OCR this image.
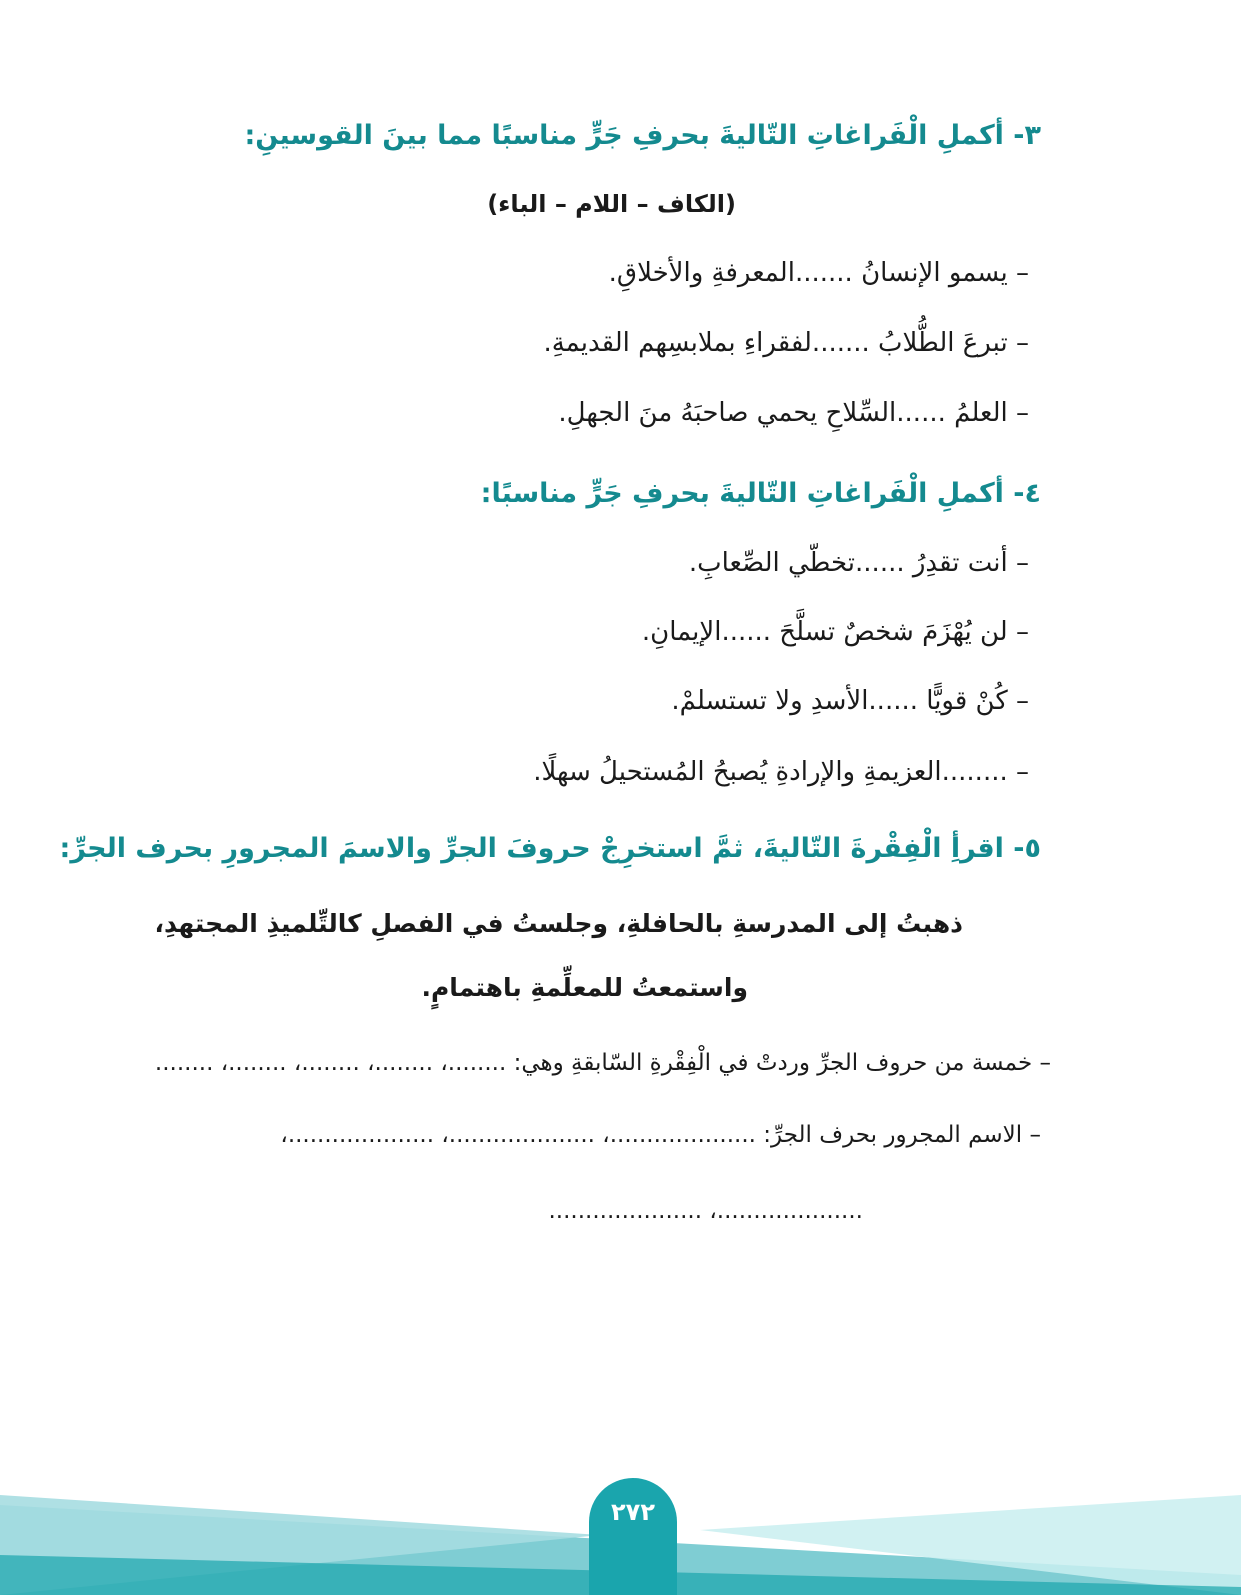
٣- أكملِ الْفَراغاتِ التّاليةَ بحرفِ جَرٍّ مناسبًا مما بينَ القوسينِ:
(الكاف – اللام – الباء)
– يسمو الإنسانُ .......المعرفةِ والأخلاقِ.
– تبرعَ الطُّلابُ .......لفقراءِ بملابسِهم القديمةِ.
– العلمُ ......السِّلاحِ يحمي صاحبَهُ منَ الجهلِ.
٤- أكملِ الْفَراغاتِ التّاليةَ بحرفِ جَرٍّ مناسبًا:
– أنت تقدِرُ ......تخطّي الصِّعابِ.
– لن يُهْزَمَ شخصٌ تسلَّحَ ......الإيمانِ.
– كُنْ قويًّا ......الأسدِ ولا تستسلمْ.
– ........العزيمةِ والإرادةِ يُصبحُ المُستحيلُ سهلًا.
٥- اقرأِ الْفِقْرةَ التّاليةَ، ثمَّ استخرِجْ حروفَ الجرِّ والاسمَ المجرورِ بحرف الجرِّ:
ذهبتُ إلى المدرسةِ بالحافلةِ، وجلستُ في الفصلِ كالتِّلميذِ المجتهدِ،
واستمعتُ للمعلِّمةِ باهتمامٍ.
– خمسة من حروف الجرِّ وردتْ في الْفِقْرةِ السّابقةِ وهي: ........، ........، ........، ........، ........
– الاسم المجرور بحرف الجرِّ: ....................، ....................، ....................،
....................، .....................
٢٧٢
